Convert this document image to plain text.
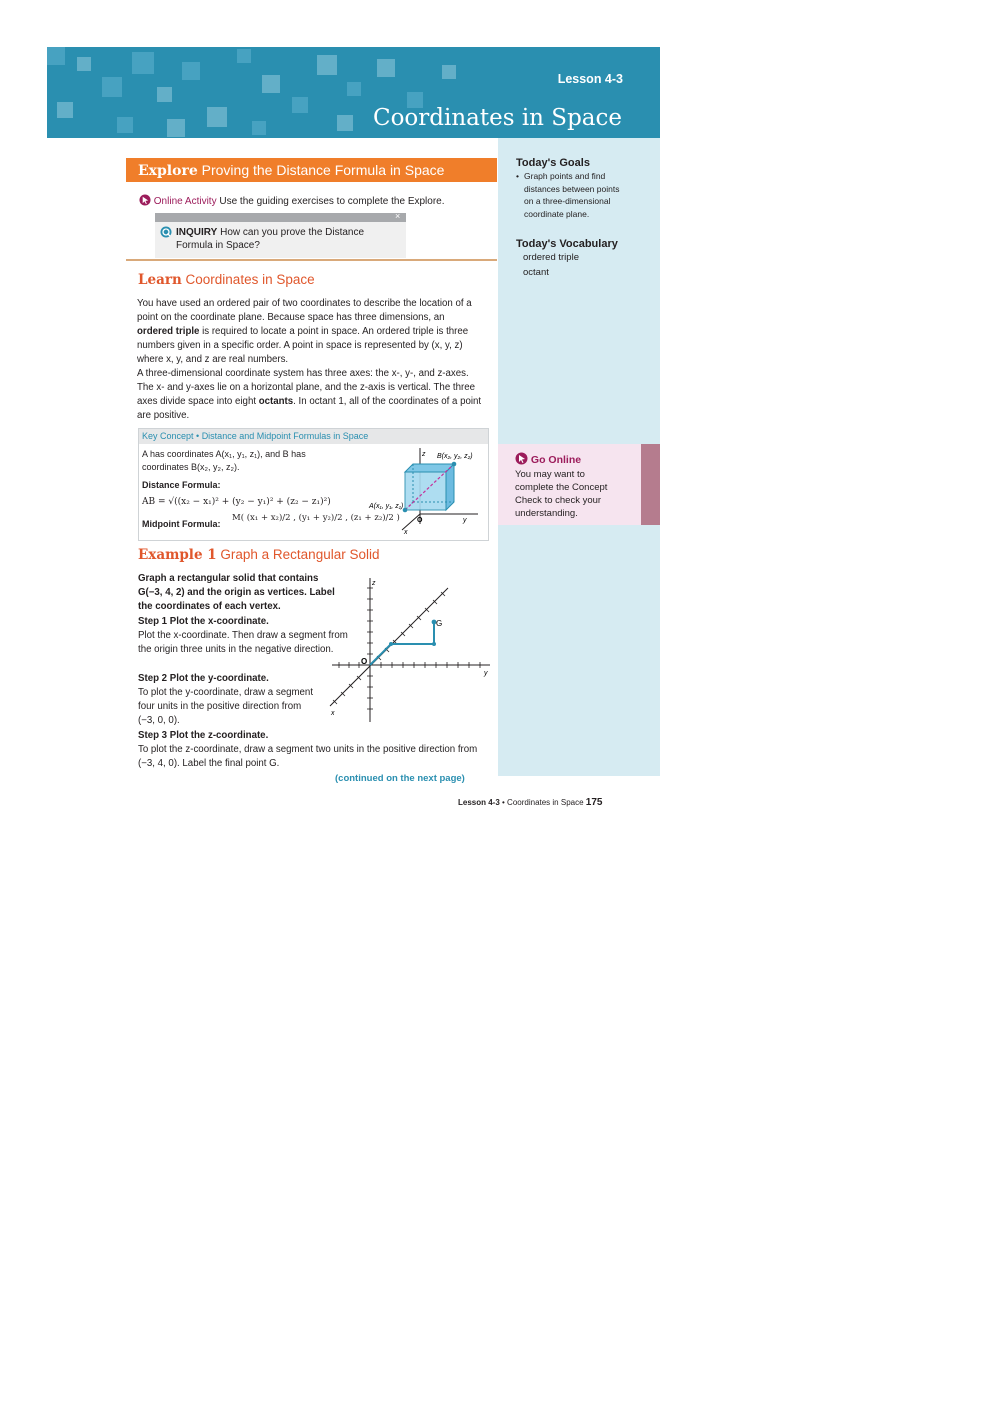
Lesson 4-3
Coordinates in Space
Today's Goals
• Graph points and find distances between points on a three-dimensional coordinate plane.
Today's Vocabulary
ordered triple
octant
Go Online
You may want to complete the Concept Check to check your understanding.
Explore Proving the Distance Formula in Space
Online Activity Use the guiding exercises to complete the Explore.
×
INQUIRY How can you prove the Distance Formula in Space?
Learn Coordinates in Space

You have used an ordered pair of two coordinates to describe the location of a point on the coordinate plane. Because space has three dimensions, an ordered triple is required to locate a point in space. An ordered triple is three numbers given in a specific order. A point in space is represented by (x, y, z) where x, y, and z are real numbers.

A three-dimensional coordinate system has three axes: the x-, y-, and z-axes. The x- and y-axes lie on a horizontal plane, and the z-axis is vertical. The three axes divide space into eight octants. In octant 1, all of the coordinates of a point are positive.

Key Concept • Distance and Midpoint Formulas in Space
A has coordinates A(x₁, y₁, z₁), and B has coordinates B(x₂, y₂, z₂).
Distance Formula:
AB = √((x₂ − x₁)² + (y₂ − y₁)² + (z₂ − z₁)²)
Midpoint Formula:
M( (x₁ + x₂)/2 , (y₁ + y₂)/2 , (z₁ + z₂)/2 )
B(x₂, y₂, z₂)
A(x₁, y₁, z₁)
z
y
x
O
Example 1 Graph a Rectangular Solid
Graph a rectangular solid that contains G(−3, 4, 2) and the origin as vertices. Label the coordinates of each vertex.
Step 1 Plot the x-coordinate.
Plot the x-coordinate. Then draw a segment from the origin three units in the negative direction.
Step 2 Plot the y-coordinate.
To plot the y-coordinate, draw a segment four units in the positive direction from (−3, 0, 0).
Step 3 Plot the z-coordinate.
To plot the z-coordinate, draw a segment two units in the positive direction from (−3, 4, 0). Label the final point G.
G
z
y
x
O
(continued on the next page)
Lesson 4-3 • Coordinates in Space 175
